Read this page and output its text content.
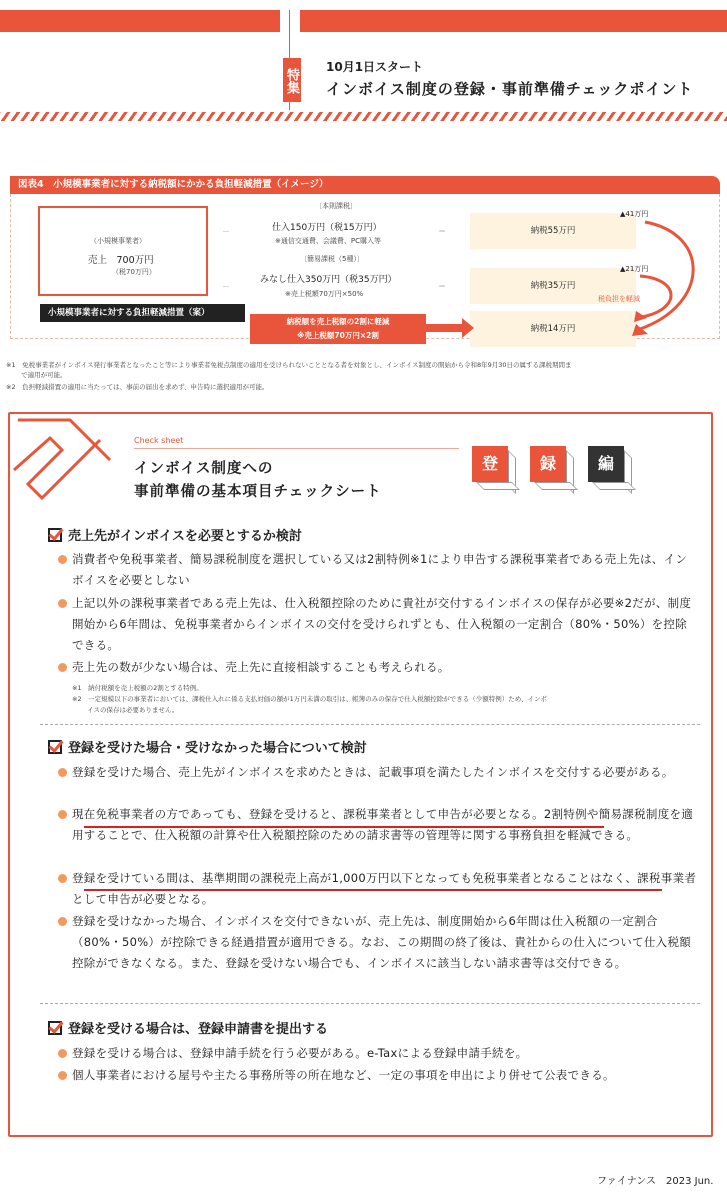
特集
10月1日スタート
インボイス制度の登録・事前準備チェックポイント
図表4　小規模事業者に対する納税額にかかる負担軽減措置（イメージ）
（小規模事業者）
売上　700万円
（税70万円）
－
－
〔本則課税〕
仕入150万円（税15万円）
※通信交通費、会議費、PC購入等
〔簡易課税（5種）〕
みなし仕入350万円（税35万円）
※売上税額70万円×50%
＝
＝
納税55万円
納税35万円
納税14万円
▲41万円
▲21万円
税負担を軽減
小規模事業者に対する負担軽減措置（案）
納税額を売上税額の2割に軽減
※売上税額70万円×2割
※1　免税事業者がインボイス発行事業者となったこと等により事業者免税点制度の適用を受けられないこととなる者を対象とし、インボイス制度の開始から令和8年9月30日の属する課税期間ま
　　 で適用が可能。
※2　負担軽減措置の適用に当たっては、事前の届出を求めず、申告時に選択適用が可能。
Check sheet
インボイス制度への
事前準備の基本項目チェックシート
登	録	編
売上先がインボイスを必要とするか検討
消費者や免税事業者、簡易課税制度を選択している又は2割特例※1により申告する課税事業者である売上先は、インボイスを必要としない
上記以外の課税事業者である売上先は、仕入税額控除のために貴社が交付するインボイスの保存が必要※2だが、制度開始から6年間は、免税事業者からインボイスの交付を受けられずとも、仕入税額の一定割合（80%・50%）を控除できる。
売上先の数が少ない場合は、売上先に直接相談することも考えられる。
※1　納付税額を売上税額の2割とする特例。
※2　一定規模以下の事業者においては、課税仕入れに係る支払対価の額が1万円未満の取引は、帳簿のみの保存で仕入税額控除ができる（少額特例）ため、インボ
　　 イスの保存は必要ありません。
登録を受けた場合・受けなかった場合について検討
登録を受けた場合、売上先がインボイスを求めたときは、記載事項を満たしたインボイスを交付する必要がある。
現在免税事業者の方であっても、登録を受けると、課税事業者として申告が必要となる。2割特例や簡易課税制度を適用することで、仕入税額の計算や仕入税額控除のための請求書等の管理等に関する事務負担を軽減できる。
登録を受けている間は、基準期間の課税売上高が1,000万円以下となっても免税事業者となることはなく、課税事業者として申告が必要となる。
登録を受けなかった場合、インボイスを交付できないが、売上先は、制度開始から6年間は仕入税額の一定割合（80%・50%）が控除できる経過措置が適用できる。なお、この期間の終了後は、貴社からの仕入について仕入税額控除ができなくなる。また、登録を受けない場合でも、インボイスに該当しない請求書等は交付できる。
登録を受ける場合は、登録申請書を提出する
登録を受ける場合は、登録申請手続を行う必要がある。e-Taxによる登録申請手続を。
個人事業者における屋号や主たる事務所等の所在地など、一定の事項を申出により併せて公表できる。
ファイナンス　2023 Jun.
